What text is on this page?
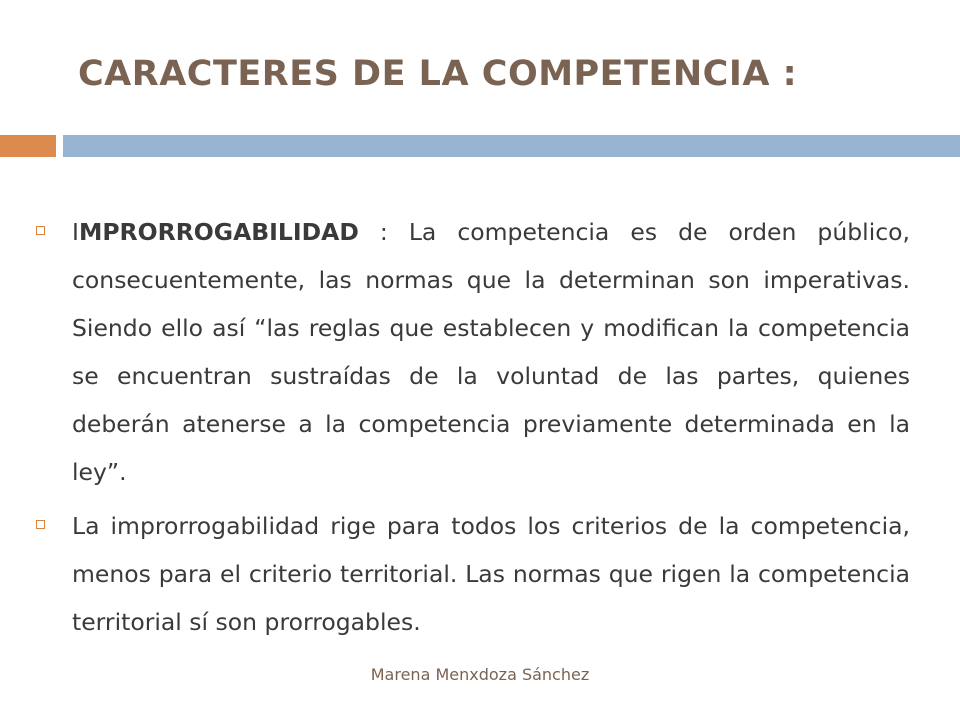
CARACTERES DE LA COMPETENCIA :
IMPRORROGABILIDAD : La competencia es de orden público, consecuentemente, las normas que la determinan son imperativas. Siendo ello así “las reglas que establecen y modifican la competencia se encuentran sustraídas de la voluntad de las partes, quienes deberán atenerse a la competencia previamente determinada en la ley”.
La improrrogabilidad rige para todos los criterios de la competencia, menos para el criterio territorial. Las normas que rigen la competencia territorial sí son prorrogables.
Marena Menxdoza Sánchez
